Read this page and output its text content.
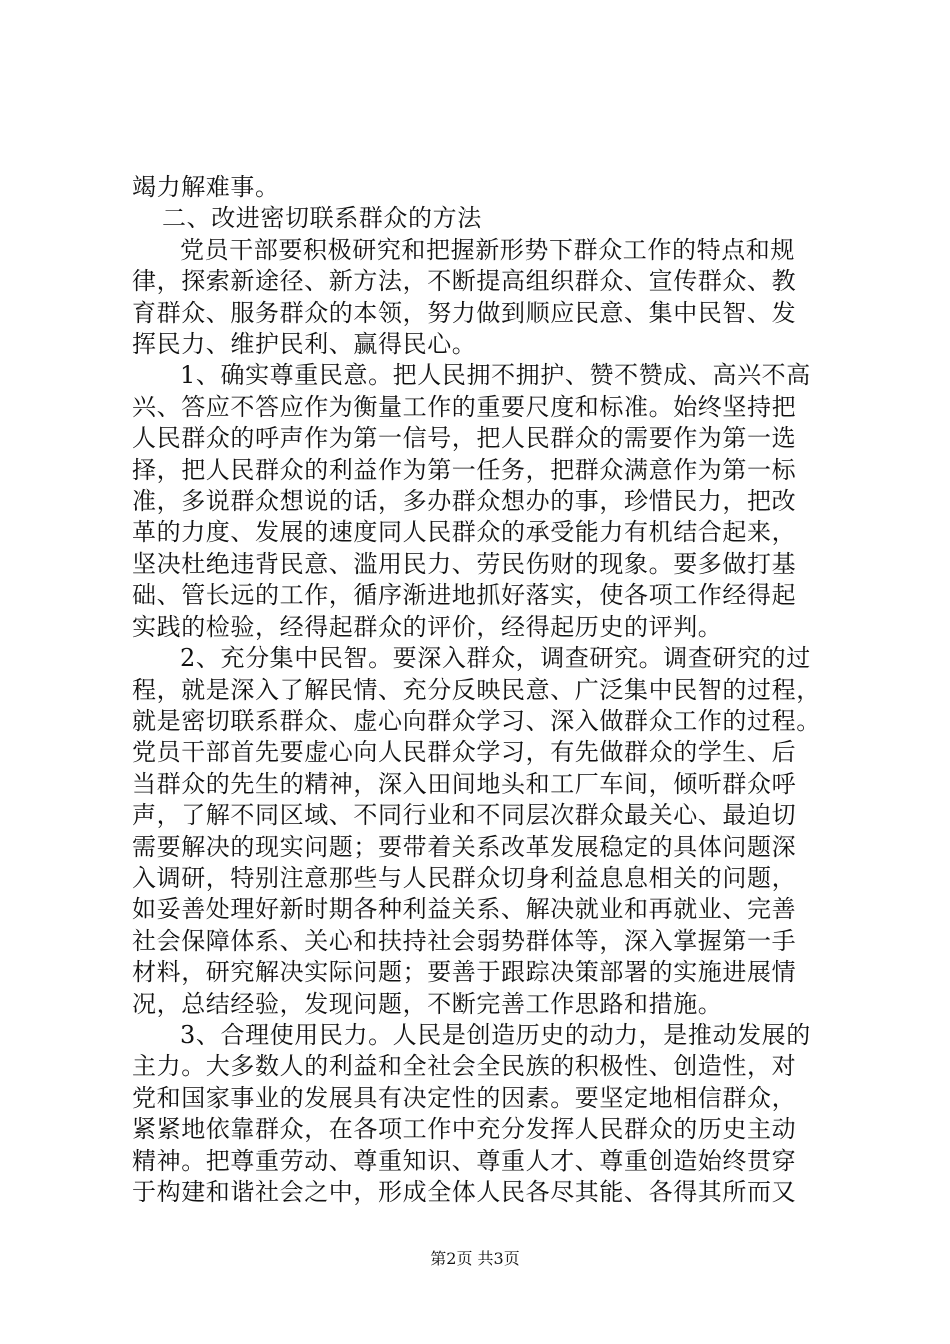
竭力解难事。
二、改进密切联系群众的方法
党员干部要积极研究和把握新形势下群众工作的特点和规
律，探索新途径、新方法，不断提高组织群众、宣传群众、教
育群众、服务群众的本领，努力做到顺应民意、集中民智、发
挥民力、维护民利、赢得民心。
1、确实尊重民意。把人民拥不拥护、赞不赞成、高兴不高
兴、答应不答应作为衡量工作的重要尺度和标准。始终坚持把
人民群众的呼声作为第一信号，把人民群众的需要作为第一选
择，把人民群众的利益作为第一任务，把群众满意作为第一标
准，多说群众想说的话，多办群众想办的事，珍惜民力，把改
革的力度、发展的速度同人民群众的承受能力有机结合起来，
坚决杜绝违背民意、滥用民力、劳民伤财的现象。要多做打基
础、管长远的工作，循序渐进地抓好落实，使各项工作经得起
实践的检验，经得起群众的评价，经得起历史的评判。
2、充分集中民智。要深入群众，调查研究。调查研究的过
程，就是深入了解民情、充分反映民意、广泛集中民智的过程，
就是密切联系群众、虚心向群众学习、深入做群众工作的过程。
党员干部首先要虚心向人民群众学习，有先做群众的学生、后
当群众的先生的精神，深入田间地头和工厂车间，倾听群众呼
声，了解不同区域、不同行业和不同层次群众最关心、最迫切
需要解决的现实问题；要带着关系改革发展稳定的具体问题深
入调研，特别注意那些与人民群众切身利益息息相关的问题，
如妥善处理好新时期各种利益关系、解决就业和再就业、完善
社会保障体系、关心和扶持社会弱势群体等，深入掌握第一手
材料，研究解决实际问题；要善于跟踪决策部署的实施进展情
况，总结经验，发现问题，不断完善工作思路和措施。
3、合理使用民力。人民是创造历史的动力，是推动发展的
主力。大多数人的利益和全社会全民族的积极性、创造性，对
党和国家事业的发展具有决定性的因素。要坚定地相信群众，
紧紧地依靠群众，在各项工作中充分发挥人民群众的历史主动
精神。把尊重劳动、尊重知识、尊重人才、尊重创造始终贯穿
于构建和谐社会之中，形成全体人民各尽其能、各得其所而又
第2页 共3页
